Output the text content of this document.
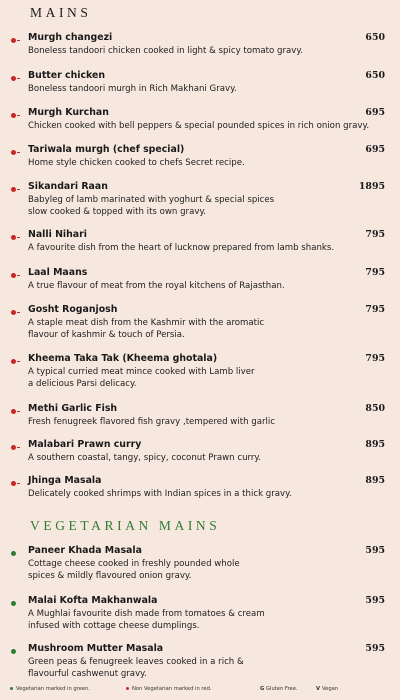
MAINS
Murgh changezi	650
Boneless tandoori chicken cooked in light & spicy tomato gravy.
Butter chicken	650
Boneless tandoori murgh in Rich Makhani Gravy.
Murgh Kurchan	695
Chicken cooked with bell peppers & special pounded spices in rich onion gravy.
Tariwala murgh (chef special)	695
Home style chicken cooked to chefs Secret recipe.
Sikandari Raan	1895
Babyleg of lamb marinated with yoghurt & special spices
slow cooked & topped with its own gravy.
Nalli Nihari	795
A favourite dish from the heart of lucknow prepared from lamb shanks.
Laal Maans	795
A true flavour of meat from the royal kitchens of Rajasthan.
Gosht Roganjosh	795
A staple meat dish from the Kashmir with the aromatic
flavour of kashmir & touch of Persia.
Kheema Taka Tak (Kheema ghotala)	795
A typical curried meat mince cooked with Lamb liver
a delicious Parsi delicacy.
Methi Garlic Fish	850
Fresh fenugreek flavored fish gravy ,tempered with garlic
Malabari Prawn curry	895
A southern coastal, tangy, spicy, coconut Prawn curry.
Jhinga Masala	895
Delicately cooked shrimps with Indian spices in a thick gravy.
VEGETARIAN MAINS
Paneer Khada Masala	595
Cottage cheese cooked in freshly pounded whole
spices & mildly flavoured onion gravy.
Malai Kofta Makhanwala	595
A Mughlai favourite dish made from tomatoes & cream
infused with cottage cheese dumplings.
Mushroom Mutter Masala	595
Green peas & fenugreek leaves cooked in a rich &
flavourful cashwenut gravy.
Vegetarian marked in green.	Non Vegetarian marked in red.	G Gluten Free.	V Vegan
